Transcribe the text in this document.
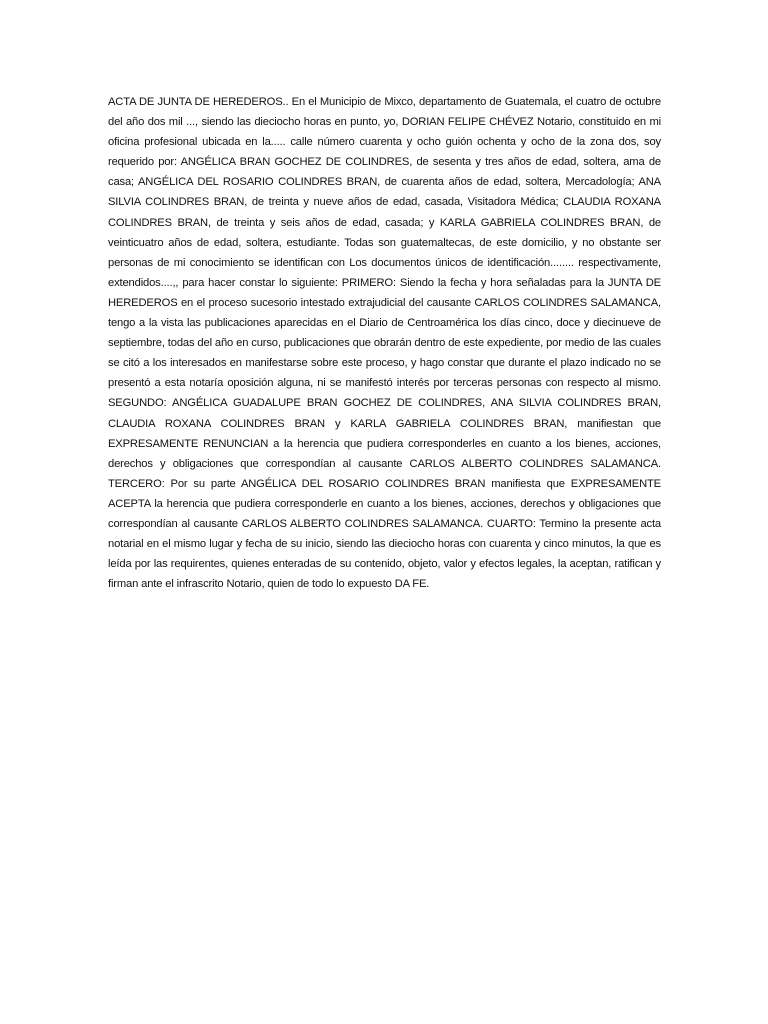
ACTA DE JUNTA DE HEREDEROS.. En el Municipio de Mixco, departamento de Guatemala, el cuatro de octubre del año dos mil ..., siendo las dieciocho horas en punto, yo, DORIAN FELIPE CHÉVEZ Notario, constituido en mi oficina profesional ubicada en la..... calle número cuarenta y ocho guión ochenta y ocho de la zona dos, soy requerido por: ANGÉLICA BRAN GOCHEZ DE COLINDRES, de sesenta y tres años de edad, soltera, ama de casa; ANGÉLICA DEL ROSARIO COLINDRES BRAN, de cuarenta años de edad, soltera, Mercadología; ANA SILVIA COLINDRES BRAN, de treinta y nueve años de edad, casada, Visitadora Médica; CLAUDIA ROXANA COLINDRES BRAN, de treinta y seis años de edad, casada; y KARLA GABRIELA COLINDRES BRAN, de veinticuatro años de edad, soltera, estudiante. Todas son guatemaltecas, de este domicilio, y no obstante ser personas de mi conocimiento se identifican con Los documentos únicos de identificación........ respectivamente, extendidos....,, para hacer constar lo siguiente: PRIMERO: Siendo la fecha y hora señaladas para la JUNTA DE HEREDEROS en el proceso sucesorio intestado extrajudicial del causante CARLOS COLINDRES SALAMANCA, tengo a la vista las publicaciones aparecidas en el Diario de Centroamérica los días cinco, doce y diecinueve de septiembre, todas del año en curso, publicaciones que obrarán dentro de este expediente, por medio de las cuales se citó a los interesados en manifestarse sobre este proceso, y hago constar que durante el plazo indicado no se presentó a esta notaría oposición alguna, ni se manifestó interés por terceras personas con respecto al mismo. SEGUNDO: ANGÉLICA GUADALUPE BRAN GOCHEZ DE COLINDRES, ANA SILVIA COLINDRES BRAN, CLAUDIA ROXANA COLINDRES BRAN y KARLA GABRIELA COLINDRES BRAN, manifiestan que EXPRESAMENTE RENUNCIAN a la herencia que pudiera corresponderles en cuanto a los bienes, acciones, derechos y obligaciones que correspondían al causante CARLOS ALBERTO COLINDRES SALAMANCA. TERCERO: Por su parte ANGÉLICA DEL ROSARIO COLINDRES BRAN manifiesta que EXPRESAMENTE ACEPTA la herencia que pudiera corresponderle en cuanto a los bienes, acciones, derechos y obligaciones que correspondían al causante CARLOS ALBERTO COLINDRES SALAMANCA. CUARTO: Termino la presente acta notarial en el mismo lugar y fecha de su inicio, siendo las dieciocho horas con cuarenta y cinco minutos, la que es leída por las requirentes, quienes enteradas de su contenido, objeto, valor y efectos legales, la aceptan, ratifican y firman ante el infrascrito Notario, quien de todo lo expuesto DA FE.
